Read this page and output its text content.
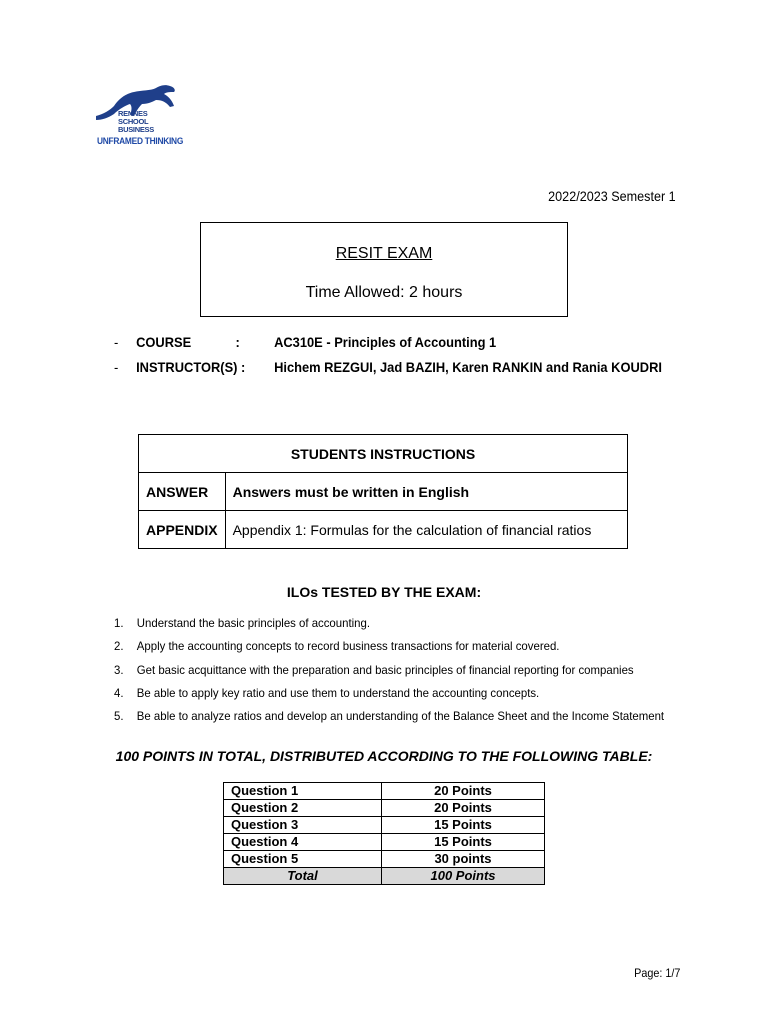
RENNES
SCHOOL
BUSINESS
UNFRAMED THINKING
2022/2023 Semester 1
RESIT EXAM
Time Allowed: 2 hours
- COURSE	: AC310E - Principles of Accounting 1
- INSTRUCTOR(S) : Hichem REZGUI, Jad BAZIH, Karen RANKIN and Rania KOUDRI
STUDENTS INSTRUCTIONS	
ANSWER	Answers must be written in English
APPENDIX	Appendix 1: Formulas for the calculation of financial ratios
ILOs TESTED BY THE EXAM:
1. Understand the basic principles of accounting.
2. Apply the accounting concepts to record business transactions for material covered.
3. Get basic acquittance with the preparation and basic principles of financial reporting for companies
4. Be able to apply key ratio and use them to understand the accounting concepts.
5. Be able to analyze ratios and develop an understanding of the Balance Sheet and the Income Statement
100 POINTS IN TOTAL, DISTRIBUTED ACCORDING TO THE FOLLOWING TABLE:
Question 1	20 Points
Question 2	20 Points
Question 3	15 Points
Question 4	15 Points
Question 5	30 points
Total	100 Points
Page: 1/7
